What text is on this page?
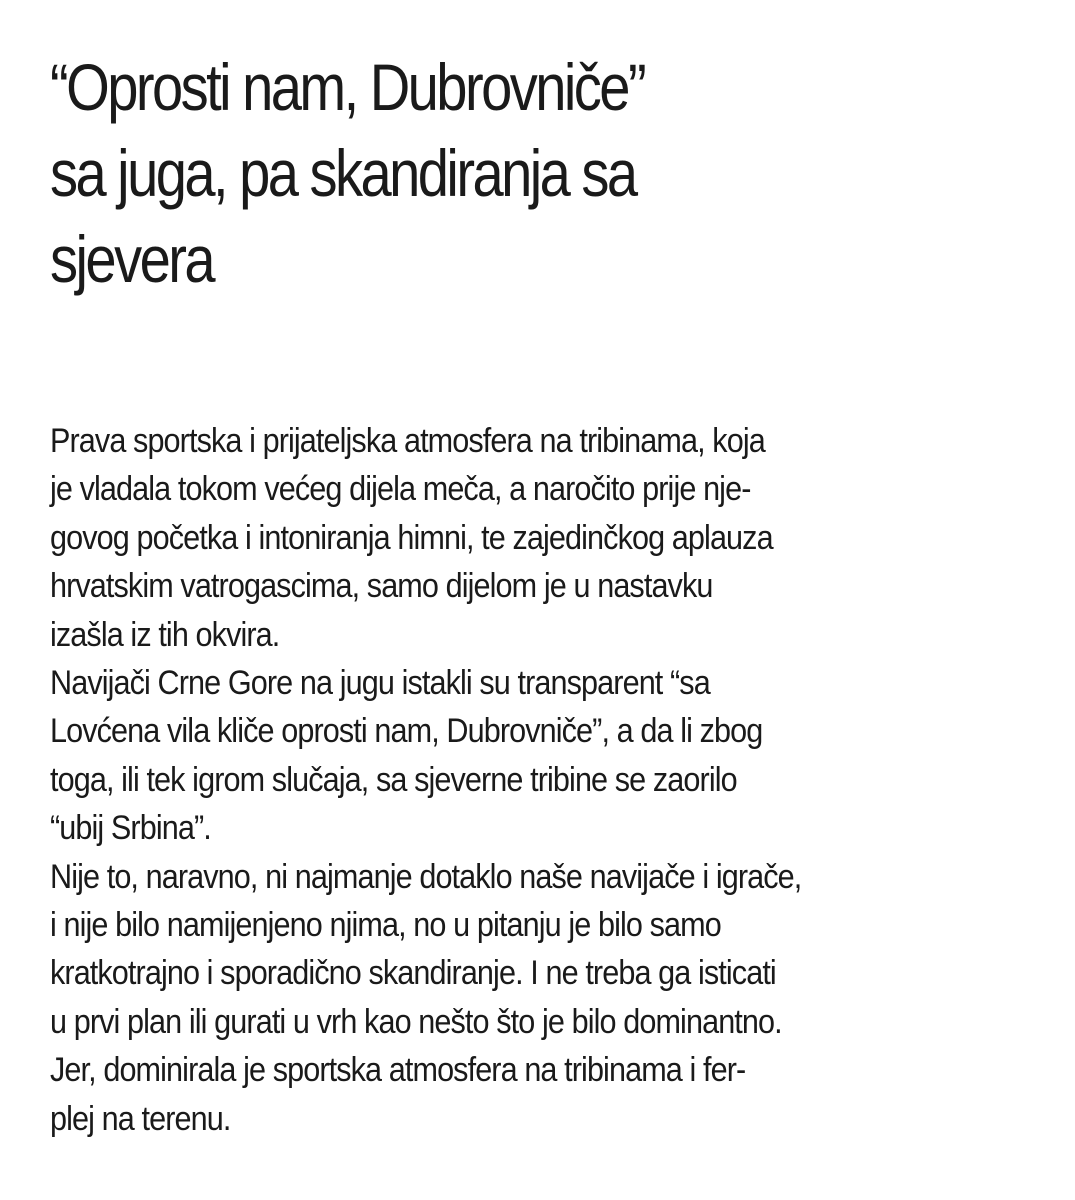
“Oprosti nam, Dubrovniče”
sa juga, pa skandiranja sa
sjevera
Prava sportska i prijateljska atmosfera na tribinama, koja
je vladala tokom većeg dijela meča, a naročito prije nje-
govog početka i intoniranja himni, te zajedinčkog aplauza
hrvatskim vatrogascima, samo dijelom je u nastavku
izašla iz tih okvira.
Navijači Crne Gore na jugu istakli su transparent “sa
Lovćena vila kliče oprosti nam, Dubrovniče”, a da li zbog
toga, ili tek igrom slučaja, sa sjeverne tribine se zaorilo
“ubij Srbina”.
Nije to, naravno, ni najmanje dotaklo naše navijače i igrače,
i nije bilo namijenjeno njima, no u pitanju je bilo samo
kratkotrajno i sporadično skandiranje. I ne treba ga isticati
u prvi plan ili gurati u vrh kao nešto što je bilo dominantno.
Jer, dominirala je sportska atmosfera na tribinama i fer-
plej na terenu.
